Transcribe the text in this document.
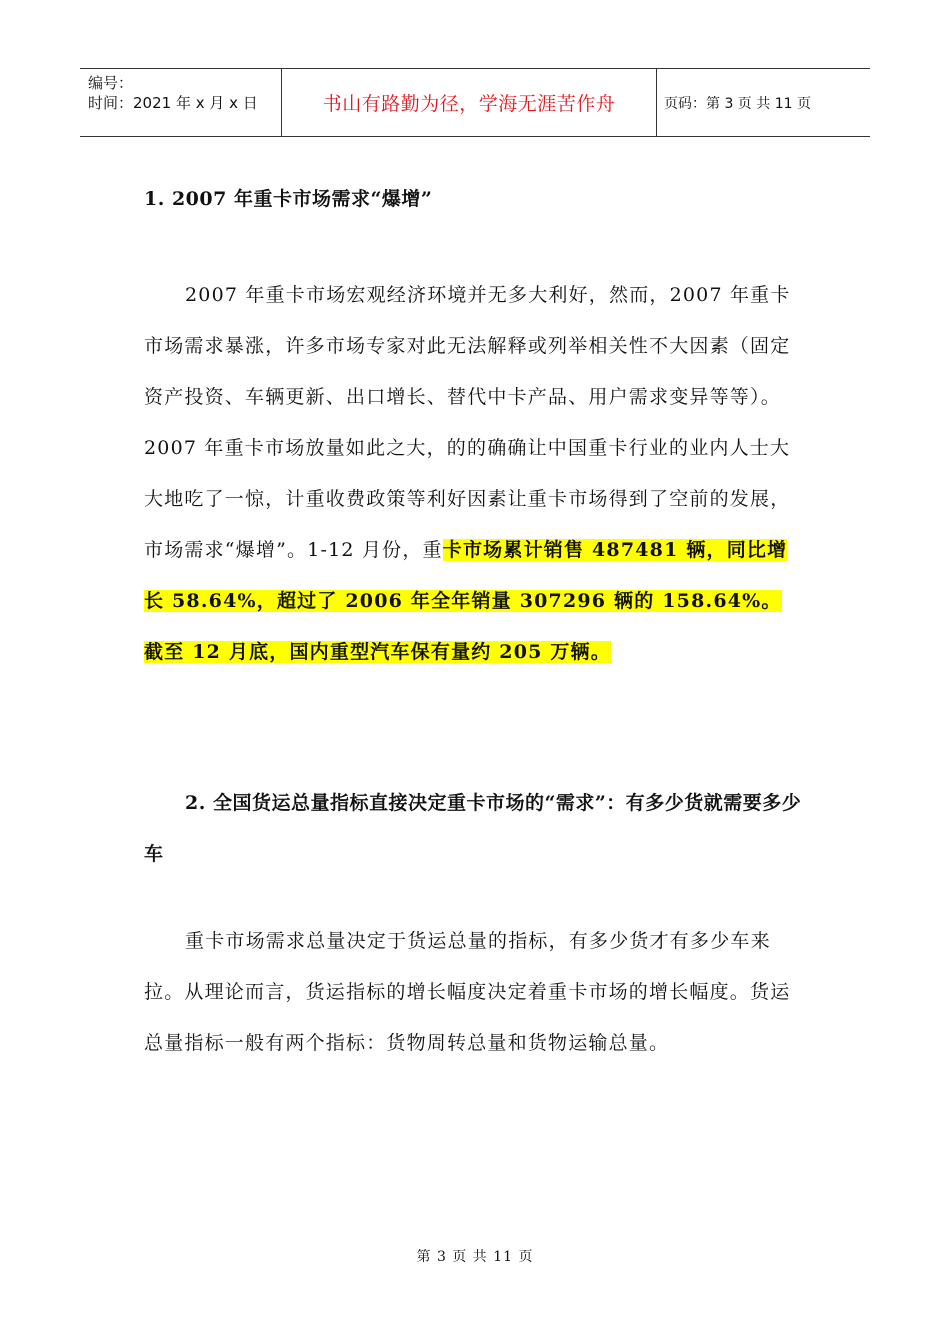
编号：
时间：2021 年 x 月 x 日	书山有路勤为径，学海无涯苦作舟	页码：第 3 页 共 11 页
1. 2007 年重卡市场需求“爆增”
2007 年重卡市场宏观经济环境并无多大利好，然而，2007 年重卡市场需求暴涨，许多市场专家对此无法解释或列举相关性不大因素（固定资产投资、车辆更新、出口增长、替代中卡产品、用户需求变异等等）。2007 年重卡市场放量如此之大，的的确确让中国重卡行业的业内人士大大地吃了一惊，计重收费政策等利好因素让重卡市场得到了空前的发展，市场需求“爆增”。1-12 月份，重卡市场累计销售 487481 辆，同比增长 58.64%，超过了 2006 年全年销量 307296 辆的 158.64%。截至 12 月底，国内重型汽车保有量约 205 万辆。
2. 全国货运总量指标直接决定重卡市场的“需求”：有多少货就需要多少车
重卡市场需求总量决定于货运总量的指标，有多少货才有多少车来拉。从理论而言，货运指标的增长幅度决定着重卡市场的增长幅度。货运总量指标一般有两个指标：货物周转总量和货物运输总量。
第 3 页 共 11 页
